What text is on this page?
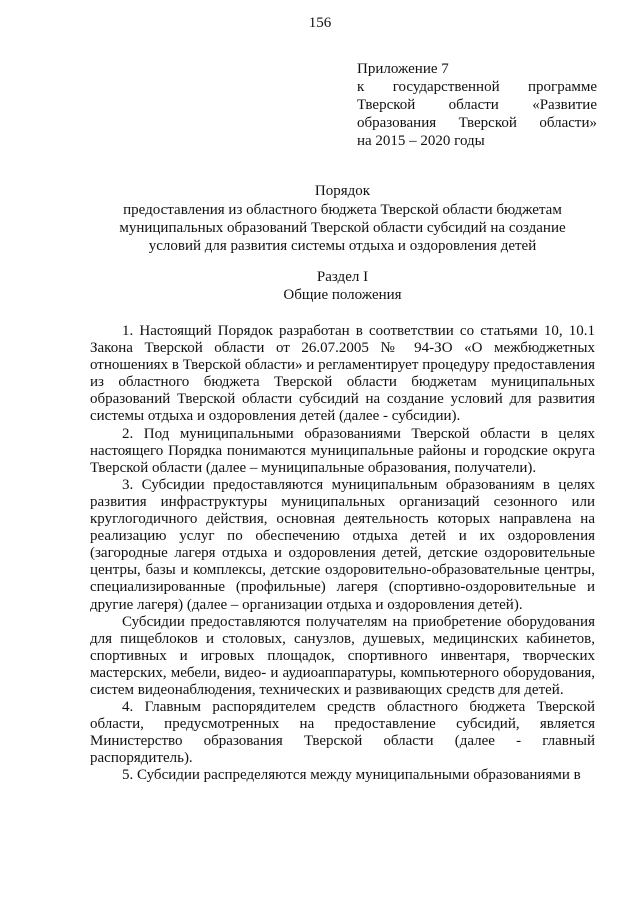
156
Приложение 7
к государственной программе
Тверской области «Развитие
образования Тверской области»
на 2015 – 2020 годы
Порядок
предоставления из областного бюджета Тверской области бюджетам
муниципальных образований Тверской области субсидий на создание
условий для развития системы отдыха и оздоровления детей
Раздел I
Общие положения

1. Настоящий Порядок разработан в соответствии со статьями 10, 10.1 Закона Тверской области от 26.07.2005 № 94-ЗО «О межбюджетных отношениях в Тверской области» и регламентирует процедуру предоставления из областного бюджета Тверской области бюджетам муниципальных образований Тверской области субсидий на создание условий для развития системы отдыха и оздоровления детей (далее - субсидии).

2. Под муниципальными образованиями Тверской области в целях настоящего Порядка понимаются муниципальные районы и городские округа Тверской области (далее – муниципальные образования, получатели).

3. Субсидии предоставляются муниципальным образованиям в целях развития инфраструктуры муниципальных организаций сезонного или круглогодичного действия, основная деятельность которых направлена на реализацию услуг по обеспечению отдыха детей и их оздоровления (загородные лагеря отдыха и оздоровления детей, детские оздоровительные центры, базы и комплексы, детские оздоровительно-образовательные центры, специализированные (профильные) лагеря (спортивно-оздоровительные и другие лагеря) (далее – организации отдыха и оздоровления детей).

Субсидии предоставляются получателям на приобретение оборудования для пищеблоков и столовых, санузлов, душевых, медицинских кабинетов, спортивных и игровых площадок, спортивного инвентаря, творческих мастерских, мебели, видео- и аудиоаппаратуры, компьютерного оборудования, систем видеонаблюдения, технических и развивающих средств для детей.

4. Главным распорядителем средств областного бюджета Тверской области, предусмотренных на предоставление субсидий, является Министерство образования Тверской области (далее - главный распорядитель).

5. Субсидии распределяются между муниципальными образованиями в
